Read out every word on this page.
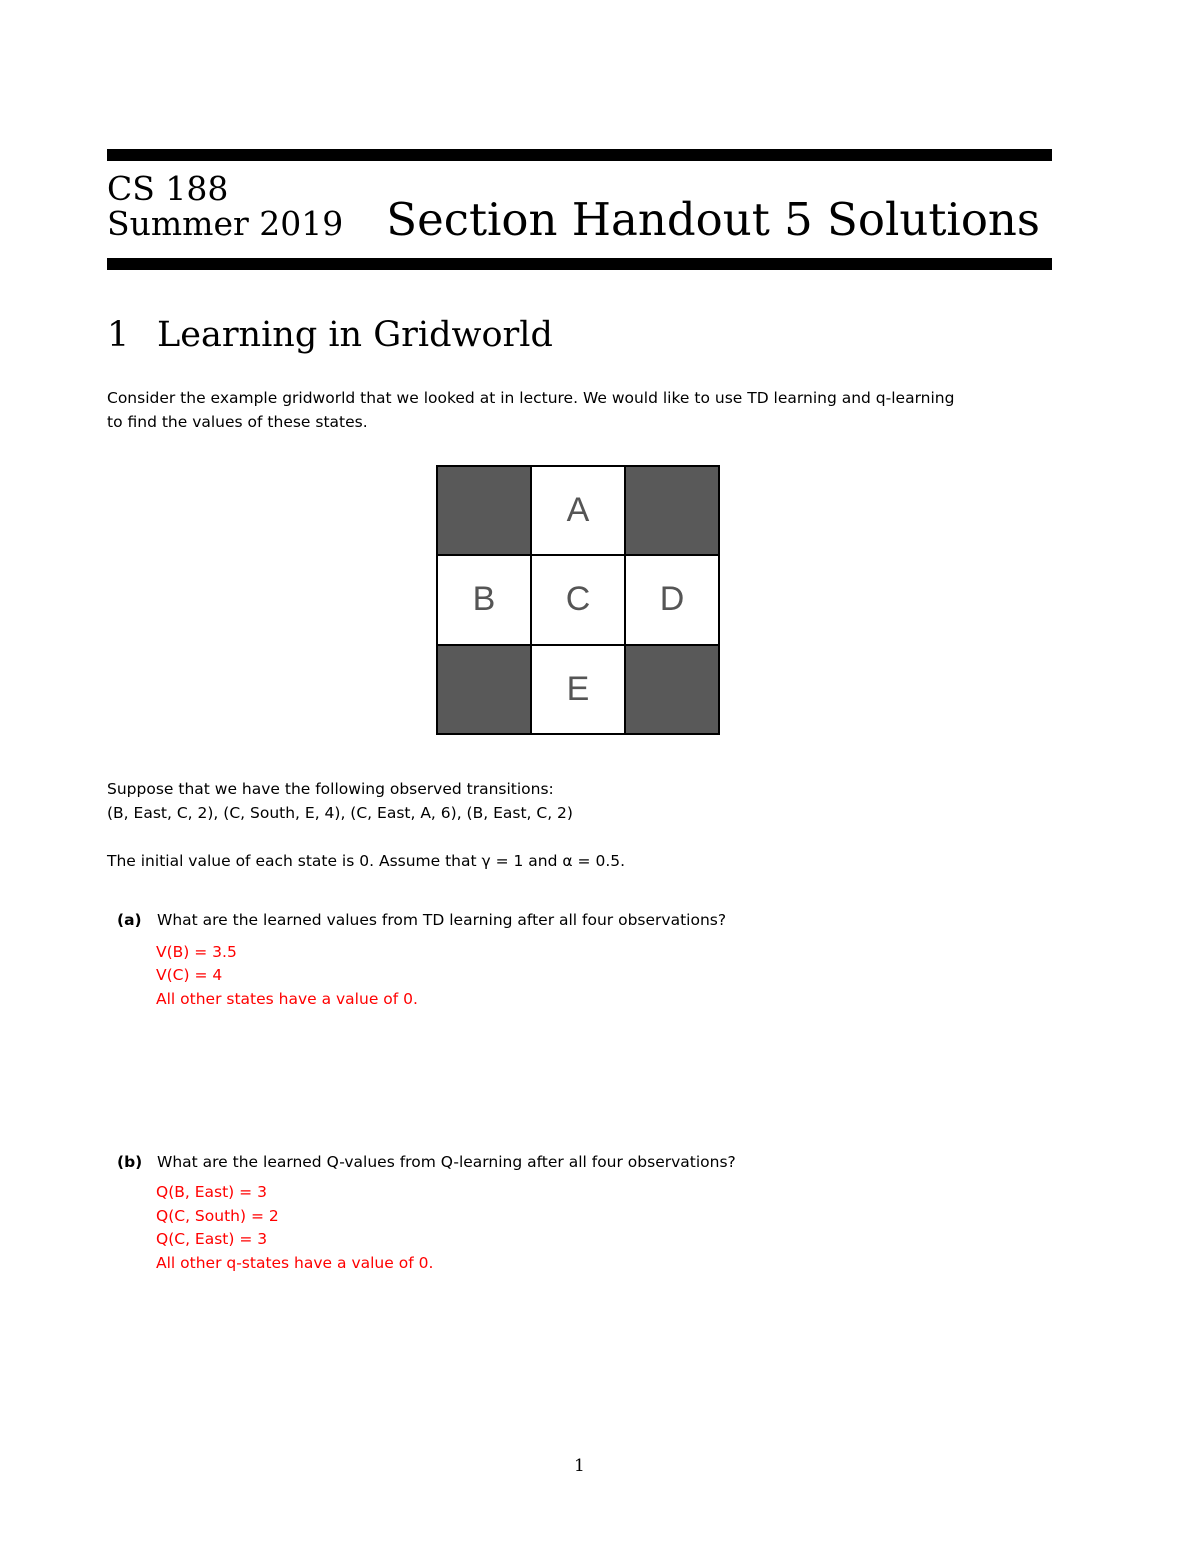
CS 188
Summer 2019 Section Handout 5 Solutions
1 Learning in Gridworld
Consider the example gridworld that we looked at in lecture. We would like to use TD learning and q-learning
to find the values of these states.
A
B	C	D
E
Suppose that we have the following observed transitions:
(B, East, C, 2), (C, South, E, 4), (C, East, A, 6), (B, East, C, 2)
The initial value of each state is 0. Assume that γ = 1 and α = 0.5.
(a) What are the learned values from TD learning after all four observations?
V(B) = 3.5
V(C) = 4
All other states have a value of 0.
(b) What are the learned Q-values from Q-learning after all four observations?
Q(B, East) = 3
Q(C, South) = 2
Q(C, East) = 3
All other q-states have a value of 0.
1
